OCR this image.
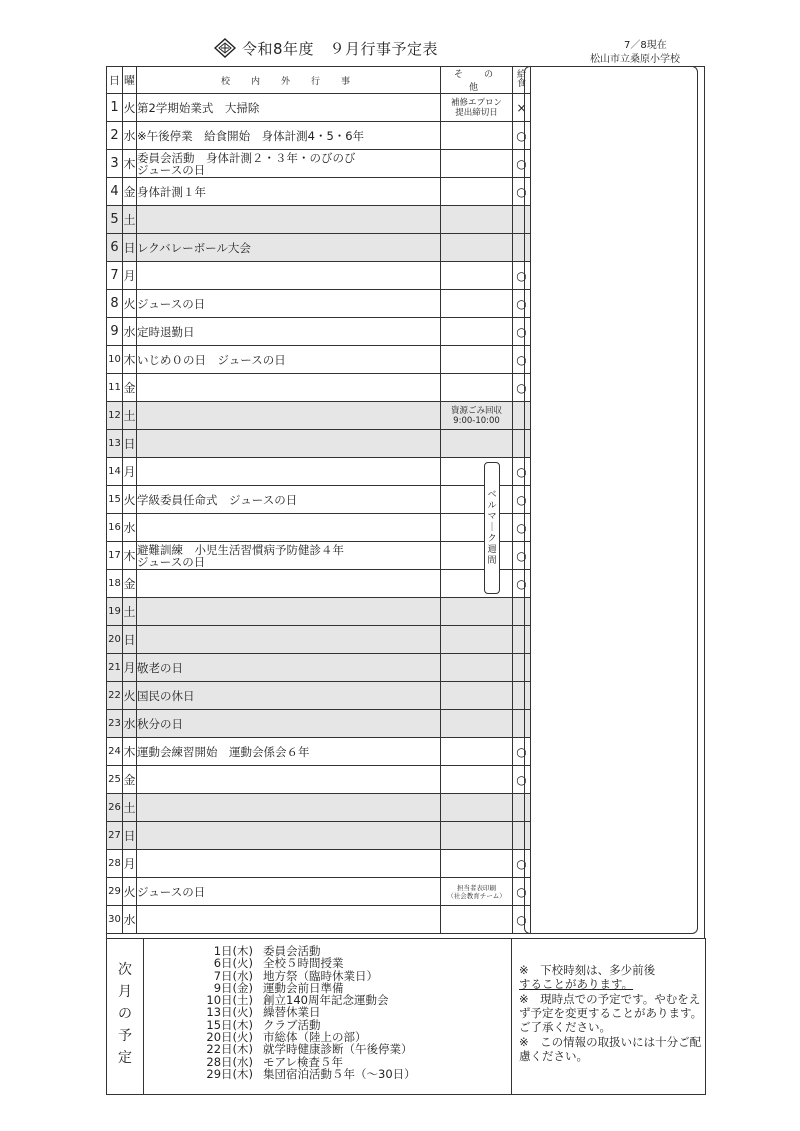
令和8年度　９月行事予定表	7／8現在
松山市立桑原小学校
日	曜	校　内　外　行　事	そ　の　他	給食
1	火	第2学期始業式　大掃除	補修エプロン
提出締切日	×
2	水	※午後停業　給食開始　身体計測4・5・6年		○
3	木	委員会活動　身体計測２・３年・のびのび
ジュースの日		○
4	金	身体計測１年		○
5	土	

6	日	レクバレーボール大会		

7	月			○
8	火	ジュースの日		○
9	水	定時退勤日		○
10	木	いじめ０の日　ジュースの日		○
11	金			○
12	土		資源ごみ回収
9:00-10:00	

13	日	

14	月			○
15	火	学級委員任命式　ジュースの日		○
16	水			○
17	木	避難訓練　小児生活習慣病予防健診４年
ジュースの日		○
18	金			○
19	土	

20	日	

21	月	敬老の日		

22	火	国民の休日		

23	水	秋分の日		

24	木	運動会練習開始　運動会係会６年		○
25	金			○
26	土	

27	日	

28	月			○
29	火	ジュースの日	担当者表印刷
（社会教育チーム）	○
30	水			○
ベ
ル
マ
｜
ク
週
間
次
月
の
予
定
1日(木) 委員会活動
6日(火) 全校５時間授業
7日(水) 地方祭（臨時休業日）
9日(金) 運動会前日準備
10日(土) 創立140周年記念運動会
13日(火) 繰替休業日
15日(木) クラブ活動
20日(火) 市総体（陸上の部）
22日(木) 就学時健康診断（午後停業）
28日(水) モアレ検査５年
29日(木) 集団宿泊活動５年（～30日）

※　下校時刻は、多少前後
することがあります。

※　現時点での予定です。やむをえず予定を変更することがあります。ご了承ください。

※　この情報の取扱いには十分ご配慮ください。
